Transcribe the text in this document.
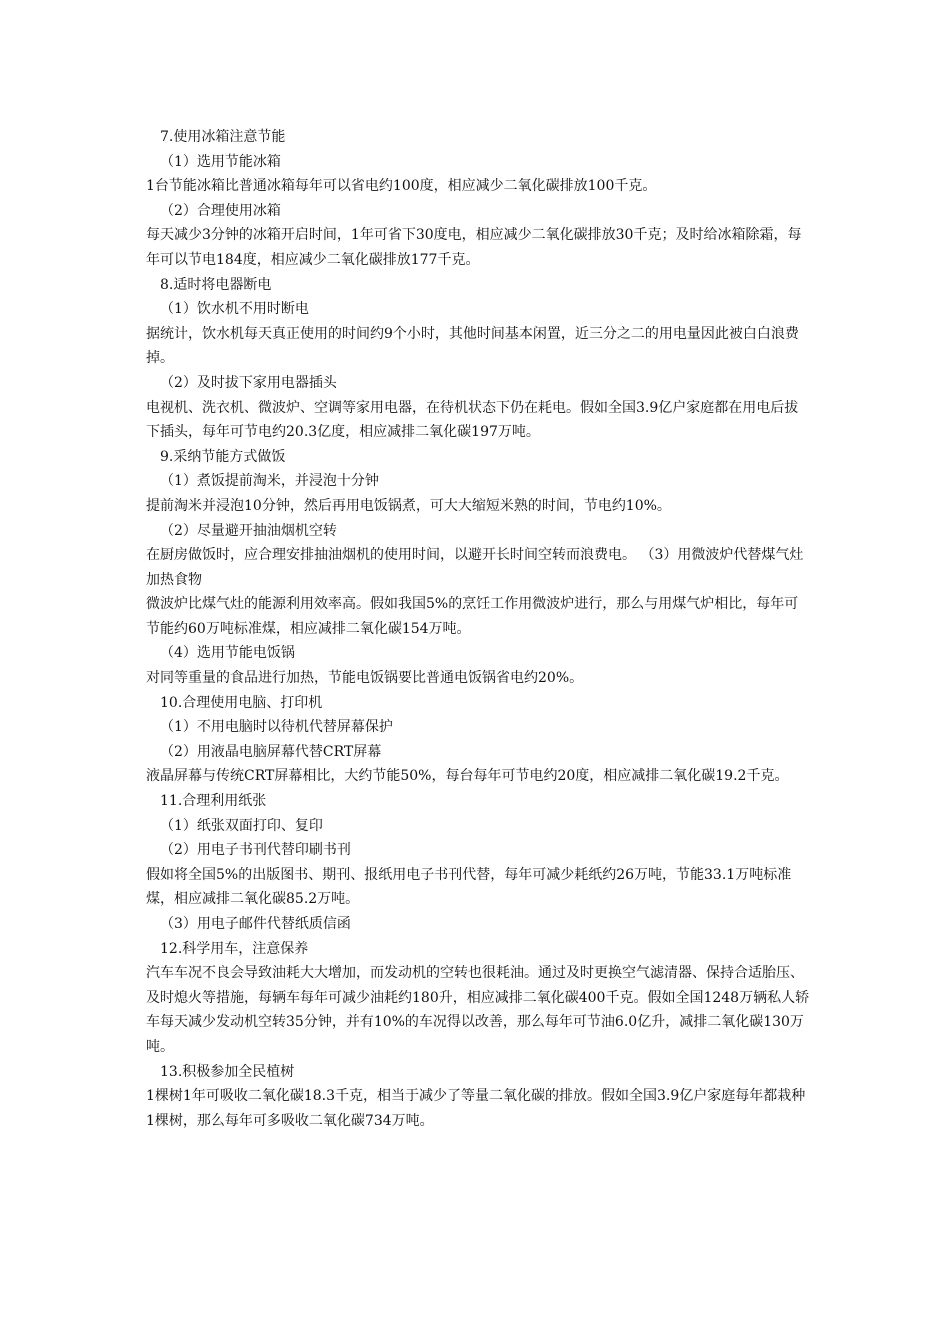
7.使用冰箱注意节能

（1）选用节能冰箱

1台节能冰箱比普通冰箱每年可以省电约100度，相应减少二氧化碳排放100千克。

（2）合理使用冰箱

每天减少3分钟的冰箱开启时间，1年可省下30度电，相应减少二氧化碳排放30千克；及时给冰箱除霜，每年可以节电184度，相应减少二氧化碳排放177千克。

8.适时将电器断电

（1）饮水机不用时断电

据统计，饮水机每天真正使用的时间约9个小时，其他时间基本闲置，近三分之二的用电量因此被白白浪费掉。

（2）及时拔下家用电器插头

电视机、洗衣机、微波炉、空调等家用电器，在待机状态下仍在耗电。假如全国3.9亿户家庭都在用电后拔下插头，每年可节电约20.3亿度，相应减排二氧化碳197万吨。

9.采纳节能方式做饭

（1）煮饭提前淘米，并浸泡十分钟

提前淘米并浸泡10分钟，然后再用电饭锅煮，可大大缩短米熟的时间，节电约10%。

（2）尽量避开抽油烟机空转

在厨房做饭时，应合理安排抽油烟机的使用时间，以避开长时间空转而浪费电。 （3）用微波炉代替煤气灶加热食物

微波炉比煤气灶的能源利用效率高。假如我国5%的烹饪工作用微波炉进行，那么与用煤气炉相比，每年可节能约60万吨标准煤，相应减排二氧化碳154万吨。

（4）选用节能电饭锅

对同等重量的食品进行加热，节能电饭锅要比普通电饭锅省电约20%。

10.合理使用电脑、打印机

（1）不用电脑时以待机代替屏幕保护

（2）用液晶电脑屏幕代替CRT屏幕

液晶屏幕与传统CRT屏幕相比，大约节能50%，每台每年可节电约20度，相应减排二氧化碳19.2千克。

11.合理利用纸张

（1）纸张双面打印、复印

（2）用电子书刊代替印刷书刊

假如将全国5%的出版图书、期刊、报纸用电子书刊代替，每年可减少耗纸约26万吨，节能33.1万吨标准煤，相应减排二氧化碳85.2万吨。

（3）用电子邮件代替纸质信函

12.科学用车，注意保养

汽车车况不良会导致油耗大大增加，而发动机的空转也很耗油。通过及时更换空气滤清器、保持合适胎压、及时熄火等措施，每辆车每年可减少油耗约180升，相应减排二氧化碳400千克。假如全国1248万辆私人轿车每天减少发动机空转35分钟，并有10%的车况得以改善，那么每年可节油6.0亿升，减排二氧化碳130万吨。

13.积极参加全民植树

1棵树1年可吸收二氧化碳18.3千克，相当于减少了等量二氧化碳的排放。假如全国3.9亿户家庭每年都栽种1棵树，那么每年可多吸收二氧化碳734万吨。
